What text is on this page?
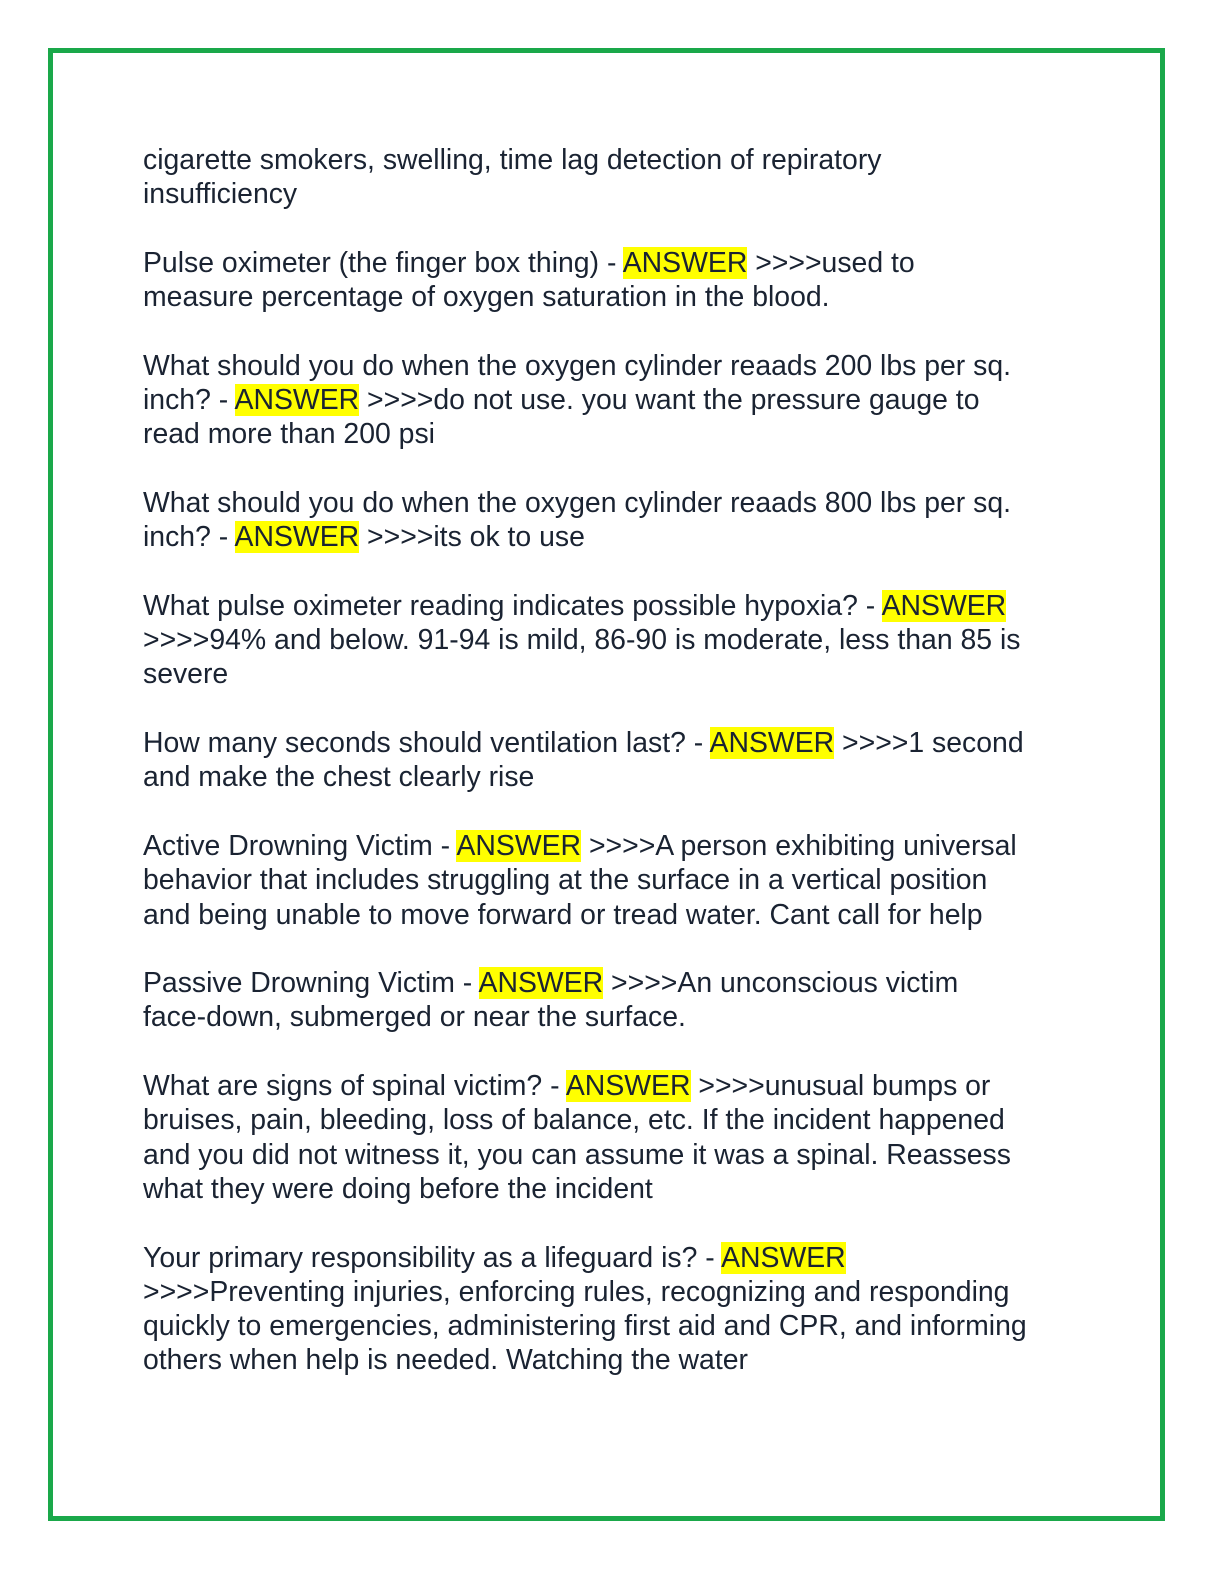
cigarette smokers, swelling, time lag detection of repiratory
insufficiency

Pulse oximeter (the finger box thing) - ANSWER >>>>used to
measure percentage of oxygen saturation in the blood.

What should you do when the oxygen cylinder reaads 200 lbs per sq.
inch? - ANSWER >>>>do not use. you want the pressure gauge to
read more than 200 psi

What should you do when the oxygen cylinder reaads 800 lbs per sq.
inch? - ANSWER >>>>its ok to use

What pulse oximeter reading indicates possible hypoxia? - ANSWER
>>>>94% and below. 91-94 is mild, 86-90 is moderate, less than 85 is
severe

How many seconds should ventilation last? - ANSWER >>>>1 second
and make the chest clearly rise

Active Drowning Victim - ANSWER >>>>A person exhibiting universal
behavior that includes struggling at the surface in a vertical position
and being unable to move forward or tread water. Cant call for help

Passive Drowning Victim - ANSWER >>>>An unconscious victim
face-down, submerged or near the surface.

What are signs of spinal victim? - ANSWER >>>>unusual bumps or
bruises, pain, bleeding, loss of balance, etc. If the incident happened
and you did not witness it, you can assume it was a spinal. Reassess
what they were doing before the incident

Your primary responsibility as a lifeguard is? - ANSWER
>>>>Preventing injuries, enforcing rules, recognizing and responding
quickly to emergencies, administering first aid and CPR, and informing
others when help is needed. Watching the water
